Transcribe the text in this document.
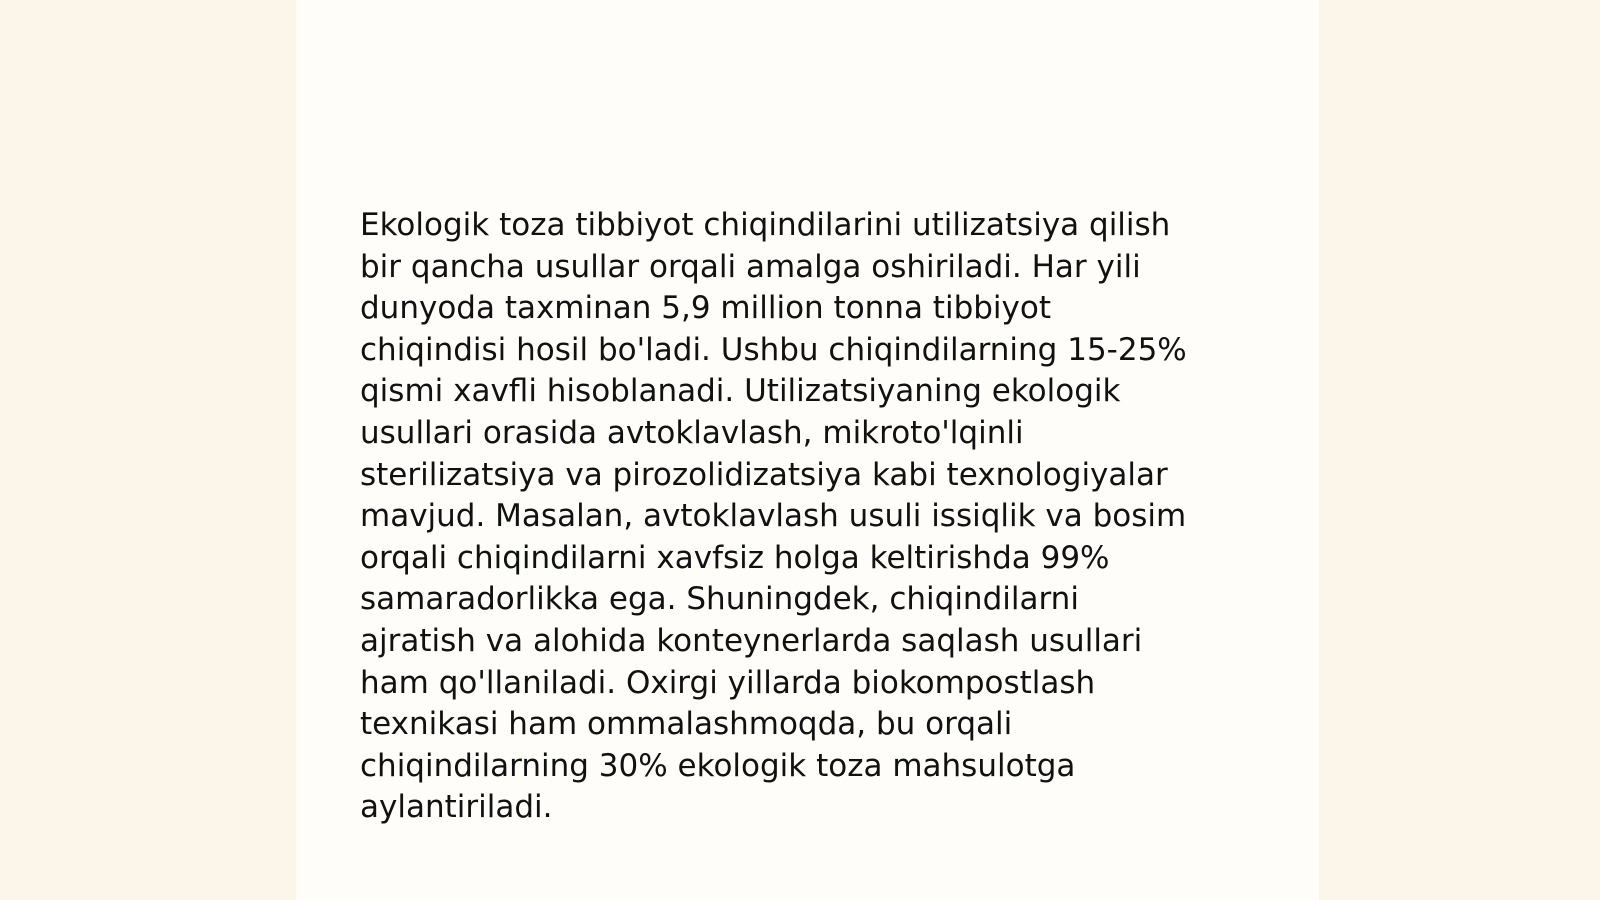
Ekologik toza tibbiyot chiqindilarini utilizatsiya qilish
bir qancha usullar orqali amalga oshiriladi. Har yili
dunyoda taxminan 5,9 million tonna tibbiyot
chiqindisi hosil bo'ladi. Ushbu chiqindilarning 15-25%
qismi xavfli hisoblanadi. Utilizatsiyaning ekologik
usullari orasida avtoklavlash, mikroto'lqinli
sterilizatsiya va pirozolidizatsiya kabi texnologiyalar
mavjud. Masalan, avtoklavlash usuli issiqlik va bosim
orqali chiqindilarni xavfsiz holga keltirishda 99%
samaradorlikka ega. Shuningdek, chiqindilarni
ajratish va alohida konteynerlarda saqlash usullari
ham qo'llaniladi. Oxirgi yillarda biokompostlash
texnikasi ham ommalashmoqda, bu orqali
chiqindilarning 30% ekologik toza mahsulotga
aylantiriladi.
